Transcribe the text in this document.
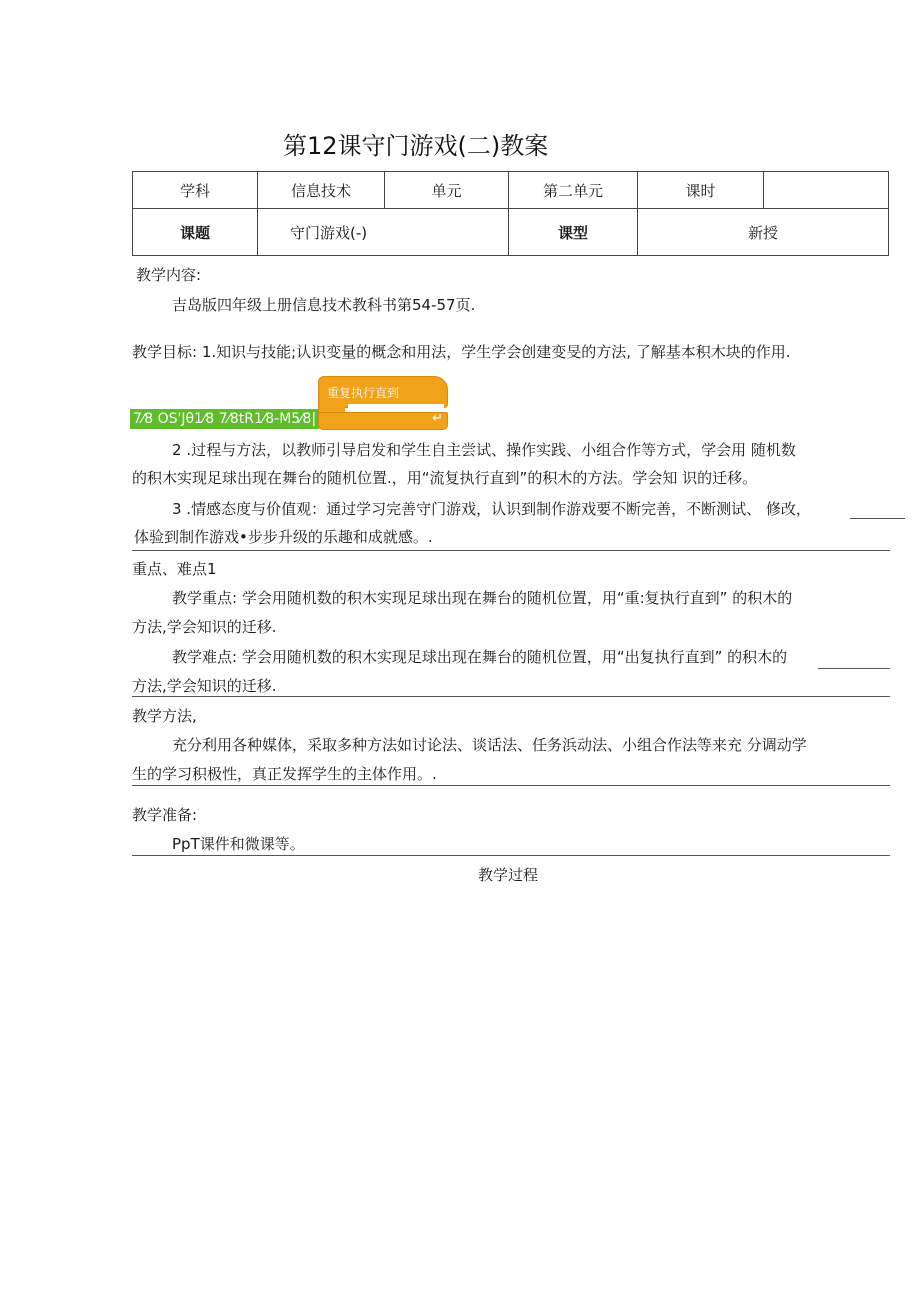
第12课守门游戏(二)教案
学科	信息技术	单元	第二单元	课时	
课题	守门游戏(-)		课型	新授	
教学内容:
吉岛版四年级上册信息技术教科书第54-57页.
教学目标: 1.知识与技能;认识变量的概念和用法，学生学会创建变旻的方法, 了解基本积木块的作用.
7⁄8 OS'Jθ1⁄8 7⁄8tR1⁄8-M5⁄8|
重复执行直到
↵
2 .过程与方法，以教师引导启发和学生自主尝试、操作实践、小组合作等方式，学会用 随机数
的积木实现足球出现在舞台的随机位置.，用“流复执行直到”的积木的方法。学会知 识的迁移。
3 .情感态度与价值观：通过学习完善守门游戏，认识到制作游戏要不断完善，不断测试、 修改，
体验到制作游戏•步步升级的乐趣和成就感。.
重点、难点1
教学重点: 学会用随机数的积木实现足球出现在舞台的随机位置，用“重:复执行直到” 的积木的
方法,学会知识的迁移.
教学难点: 学会用随机数的积木实现足球出现在舞台的随机位置，用“出复执行直到” 的积木的
方法,学会知识的迁移.
教学方法,
充分利用各种媒体，采取多种方法如讨论法、谈话法、任务浜动法、小组合作法等来充 分调动学
生的学习积极性，真正发挥学生的主体作用。.
教学准备:
PpT课件和微课等。
教学过程
